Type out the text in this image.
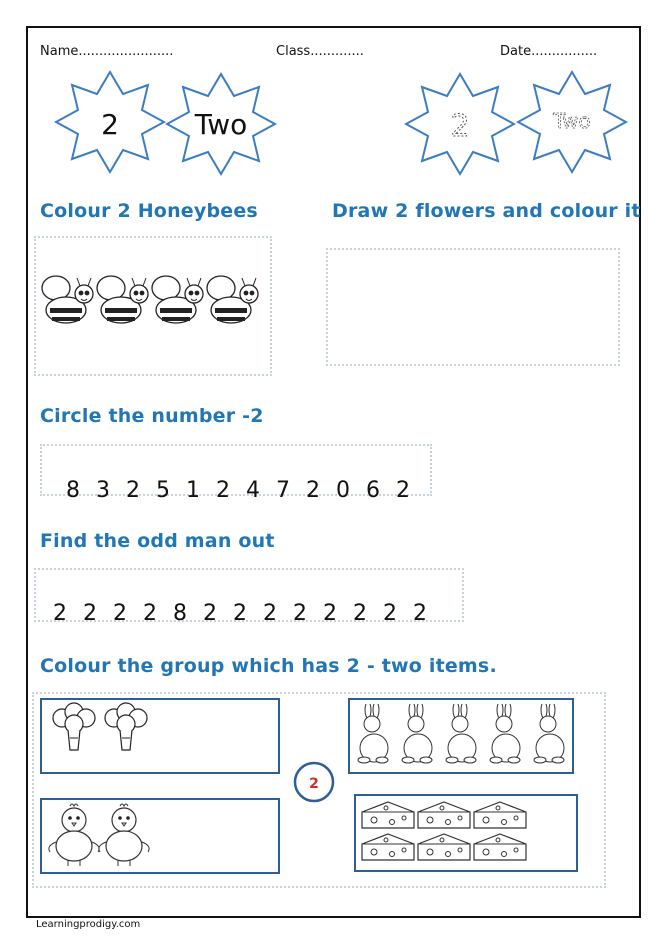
Name.......................	Class.............	Date................
2	Two	2	Two
Colour 2 Honeybees	Draw 2 flowers and colour it
Circle the number -2

8 3 2 5 1 2 4 7 2 0 6 2

Find the odd man out

2 2 2 2 8 2 2 2 2 2 2 2 2

Colour the group which has 2 - two items.
2
Learningprodigy.com
